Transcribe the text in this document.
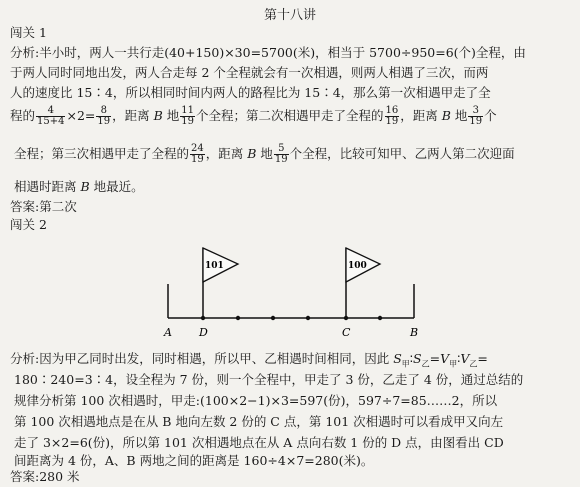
第十八讲
闯关 1
分析:半小时，两人一共行走(40+150)×30=5700(米)，相当于 5700÷950=6(个)全程，由
于两人同时同地出发，两人合走每 2 个全程就会有一次相遇，则两人相遇了三次，而两
人的速度比 15∶4，所以相同时间内两人的路程比为 15∶4，那么第一次相遇甲走了全
程的 $\frac{4}{15+4} \times 2= \frac{8}{19}$ ，距离 B 地 $\frac{11}{19}$ 个全程；第二次相遇甲走了全程的 $\frac{16}{19}$ ，距离 B 地 $\frac{3}{19}$ 个
全程；第三次相遇甲走了全程的 $\frac{24}{19}$ ，距离 B 地 $\frac{5}{19}$ 个全程，比较可知甲、乙两人第二次迎面
相遇时距离 B 地最近。
答案:第二次
闯关 2
101	100
A D	C	B
分析:因为甲乙同时出发，同时相遇，所以甲、乙相遇时间相同，因此 $S_甲∶S_乙=V_甲∶V_乙=$
180∶240=3∶4，设全程为 7 份，则一个全程中，甲走了 3 份，乙走了 4 份，通过总结的
规律分析第 100 次相遇时，甲走:(100×2−1)×3=597(份)，597÷7=85……2，所以
第 100 次相遇地点是在从 B 地向左数 2 份的 C 点，第 101 次相遇时可以看成甲又向左
走了 3×2=6(份)，所以第 101 次相遇地点在从 A 点向右数 1 份的 D 点，由图看出 CD
间距离为 4 份，A、B 两地之间的距离是 160÷4×7=280(米)。
答案:280 米
